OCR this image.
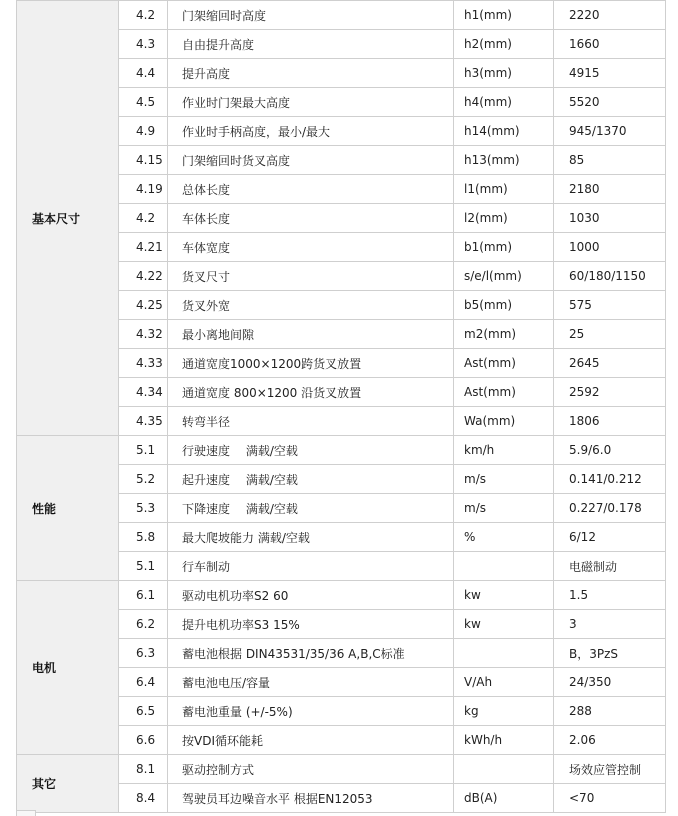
基本尺寸	4.2	门架缩回时高度	h1(mm)	2220
	4.3	自由提升高度	h2(mm)	1660
	4.4	提升高度	h3(mm)	4915
	4.5	作业时门架最大高度	h4(mm)	5520
	4.9	作业时手柄高度，最小/最大	h14(mm)	945/1370
	4.15	门架缩回时货叉高度	h13(mm)	85
	4.19	总体长度	l1(mm)	2180
	4.2	车体长度	l2(mm)	1030
	4.21	车体宽度	b1(mm)	1000
	4.22	货叉尺寸	s/e/l(mm)	60/180/1150
	4.25	货叉外宽	b5(mm)	575
	4.32	最小离地间隙	m2(mm)	25
	4.33	通道宽度1000×1200跨货叉放置	Ast(mm)	2645
	4.34	通道宽度 800×1200 沿货叉放置	Ast(mm)	2592
	4.35	转弯半径	Wa(mm)	1806
性能	5.1	行驶速度　 满载/空载	km/h	5.9/6.0
	5.2	起升速度　 满载/空载	m/s	0.141/0.212
	5.3	下降速度　 满载/空载	m/s	0.227/0.178
	5.8	最大爬坡能力 满载/空载	%	6/12
	5.1	行车制动		电磁制动
电机	6.1	驱动电机功率S2 60	kw	1.5
	6.2	提升电机功率S3 15%	kw	3
	6.3	蓄电池根据 DIN43531/35/36 A,B,C标准		B，3PzS
	6.4	蓄电池电压/容量	V/Ah	24/350
	6.5	蓄电池重量 (+/-5%)	kg	288
	6.6	按VDI循环能耗	kWh/h	2.06
其它	8.1	驱动控制方式		场效应管控制
	8.4	驾驶员耳边噪音水平 根据EN12053	dB(A)	<70
